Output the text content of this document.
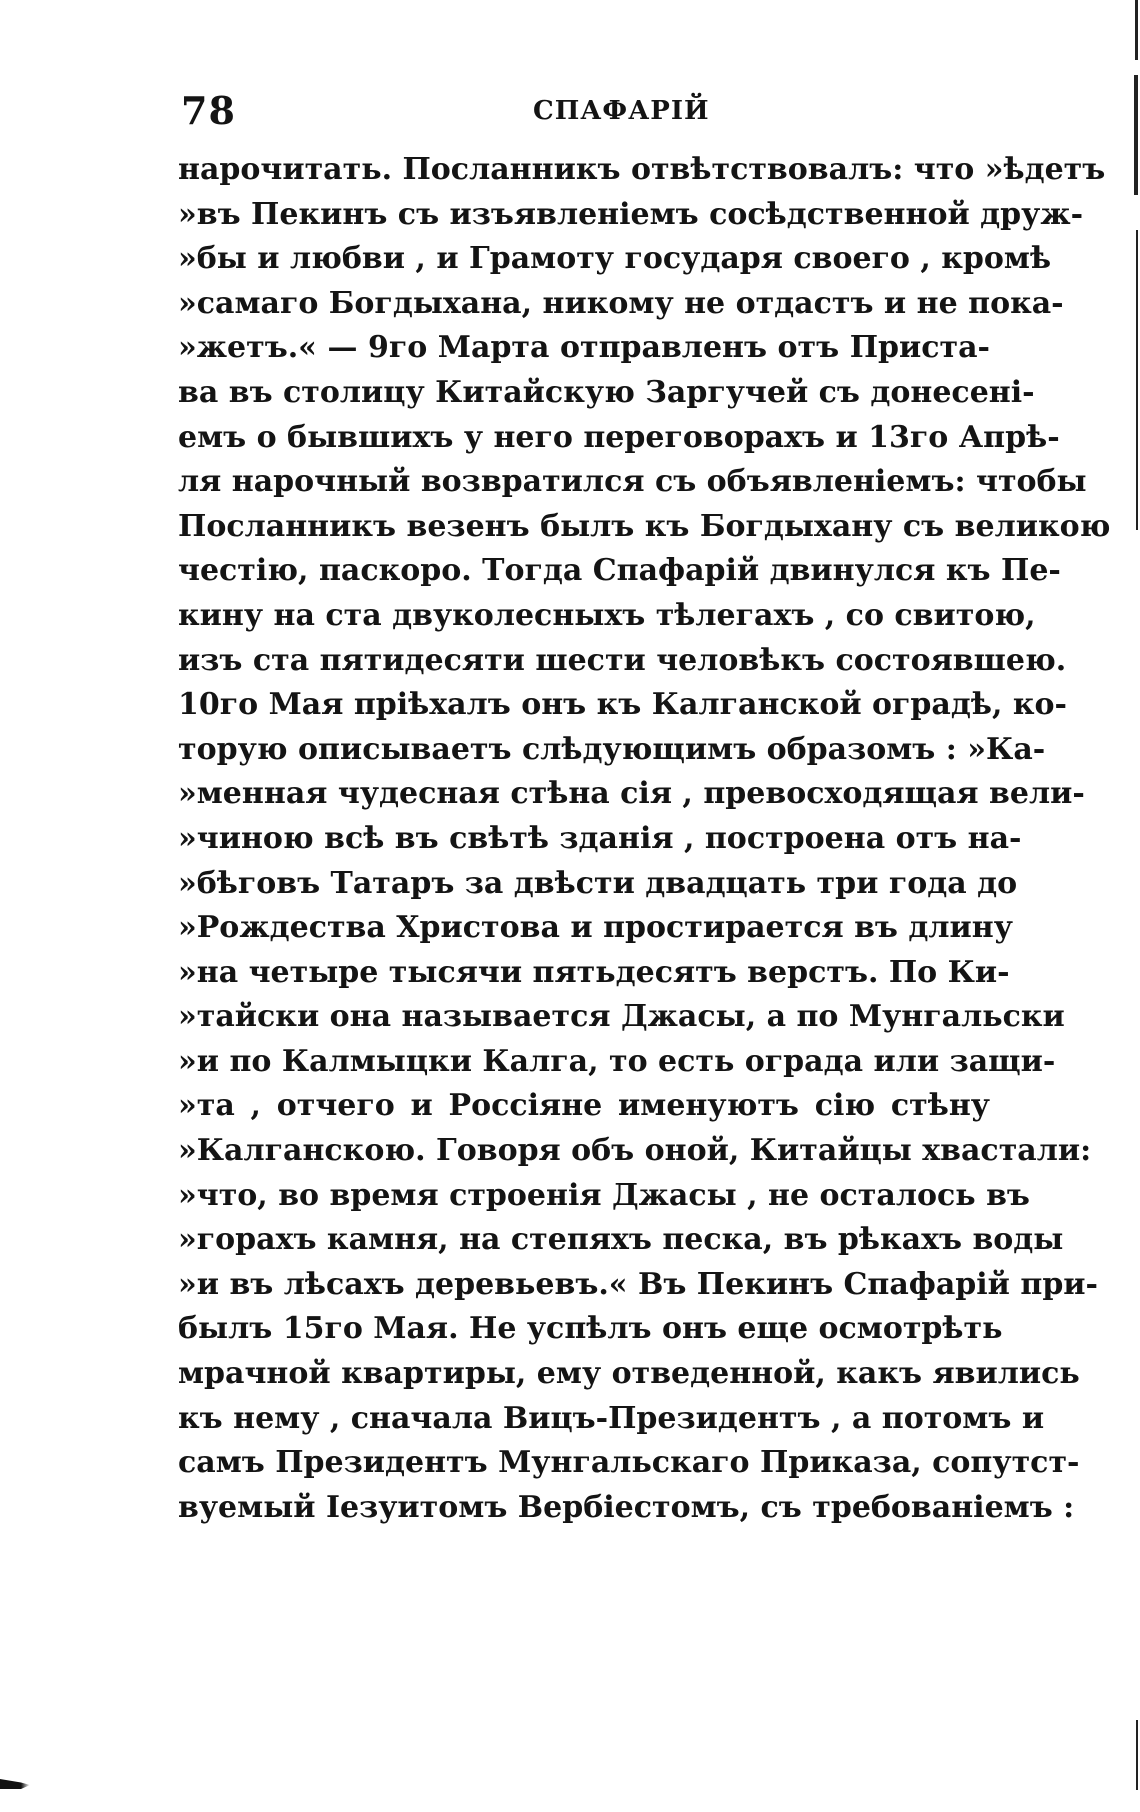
78	СПАФАРІЙ
нарочитать. Посланникъ отвѣтствовалъ: что »ѣдетъ
»въ Пекинъ съ изъявленіемъ сосѣдственной друж-
»бы и любви , и Грамоту государя своего , кромѣ
»самаго Богдыхана, никому не отдастъ и не пока-
»жетъ.« — 9го Марта отправленъ отъ Пристa-
ва въ столицу Китайскую Заргучей съ донесені-
емъ о бывшихъ у него переговорахъ и 13го Апрѣ-
ля нарочный возвратился съ объявленіемъ: чтобы
Посланникъ везенъ былъ къ Богдыхану съ великою
честію, паскоро. Тогда Спафарій двинулся къ Пе-
кину на ста двуколесныхъ тѣлегахъ , со свитою,
изъ ста пятидесяти шести человѣкъ состоявшею.
10го Мая пріѣхалъ онъ къ Калганской оградѣ, ко-
торую описываетъ слѣдующимъ образомъ : »Ка-
»менная чудесная стѣна сія , превосходящая вели-
»чиною всѣ въ свѣтѣ зданія , построена отъ на-
»бѣговъ Татаръ за двѣсти двадцать три года до
»Рождества Христова и простирается въ длину
»на четыре тысячи пятьдесятъ верстъ. По Ки-
»тайски она называется Джасы, а по Мунгальски
»и по Калмыцки Калга, то есть ограда или защи-
»та , отчего и Россіяне именуютъ сію стѣну
»Калганскою. Говоря объ оной, Китайцы хвастали:
»что, во время строенія Джасы , не осталось въ
»горахъ камня, на степяхъ песка, въ рѣкахъ воды
»и въ лѣсахъ деревьевъ.« Въ Пекинъ Спафарій при-
былъ 15го Мая. Не успѣлъ онъ еще осмотрѣть
мрачной квартиры, ему отведенной, какъ явились
къ нему , сначала Вицъ-Президентъ , а потомъ и
самъ Президентъ Мунгальскаго Приказа, сопутст-
вуемый Іезуитомъ Вербіестомъ, съ требованіемъ :
